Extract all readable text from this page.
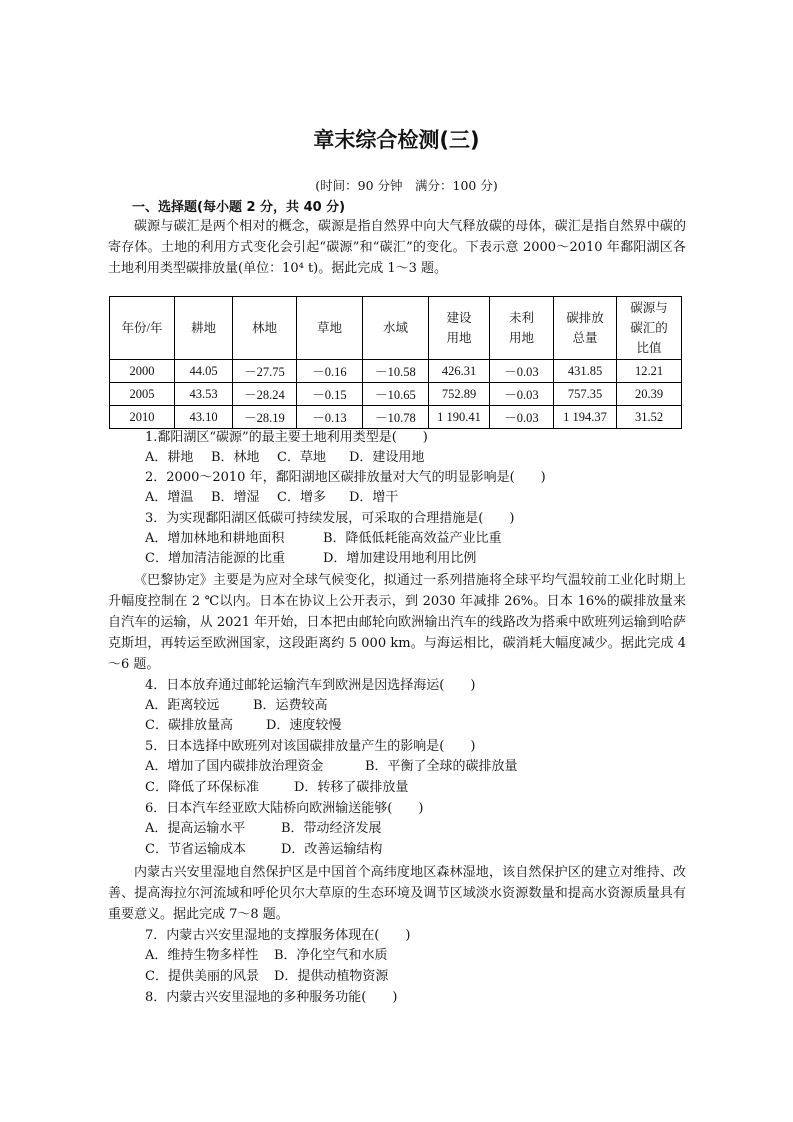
章末综合检测(三)
(时间：90 分钟　满分：100 分)
一、选择题(每小题 2 分，共 40 分)
碳源与碳汇是两个相对的概念，碳源是指自然界中向大气释放碳的母体，碳汇是指自然界中碳的寄存体。土地的利用方式变化会引起“碳源”和“碳汇”的变化。下表示意 2000～2010 年鄱阳湖区各土地利用类型碳排放量(单位：10⁴ t)。据此完成 1～3 题。
年份/年	耕地	林地	草地	水域	建设用地	未利用地	碳排放总量	碳源与碳汇的比值
2000	44.05	－27.75	－0.16	－10.58	426.31	－0.03	431.85	12.21
2005	43.53	－28.24	－0.15	－10.65	752.89	－0.03	757.35	20.39
2010	43.10	－28.19	－0.13	－10.78	1 190.41	－0.03	1 194.37	31.52
1.鄱阳湖区“碳源”的最主要土地利用类型是(　　)
A．耕地 B．林地 C．草地 D．建设用地
2．2000～2010 年，鄱阳湖地区碳排放量对大气的明显影响是(　　)
A．增温 B．增湿 C．增多 D．增干
3．为实现鄱阳湖区低碳可持续发展，可采取的合理措施是(　　)
A．增加林地和耕地面积	B．降低低耗能高效益产业比重
C．增加清洁能源的比重	D．增加建设用地利用比例
《巴黎协定》主要是为应对全球气候变化，拟通过一系列措施将全球平均气温较前工业化时期上升幅度控制在 2 ℃以内。日本在协议上公开表示，到 2030 年减排 26%。日本 16%的碳排放量来自汽车的运输，从 2021 年开始，日本把由邮轮向欧洲输出汽车的线路改为搭乘中欧班列运输到哈萨克斯坦，再转运至欧洲国家，这段距离约 5 000 km。与海运相比，碳消耗大幅度减少。据此完成 4～6 题。
4．日本放弃通过邮轮运输汽车到欧洲是因选择海运(　　)
A．距离较远	B．运费较高
C．碳排放量高	D．速度较慢
5．日本选择中欧班列对该国碳排放量产生的影响是(　　)
A．增加了国内碳排放治理资金	B．平衡了全球的碳排放量
C．降低了环保标准	D．转移了碳排放量
6．日本汽车经亚欧大陆桥向欧洲输送能够(　　)
A．提高运输水平	B．带动经济发展
C．节省运输成本	D．改善运输结构
内蒙古兴安里湿地自然保护区是中国首个高纬度地区森林湿地，该自然保护区的建立对维持、改善、提高海拉尔河流域和呼伦贝尔大草原的生态环境及调节区域淡水资源数量和提高水资源质量具有重要意义。据此完成 7～8 题。
7．内蒙古兴安里湿地的支撑服务体现在(　　)
A．维持生物多样性 B．净化空气和水质
C．提供美丽的风景 D．提供动植物资源
8．内蒙古兴安里湿地的多种服务功能(　　)
